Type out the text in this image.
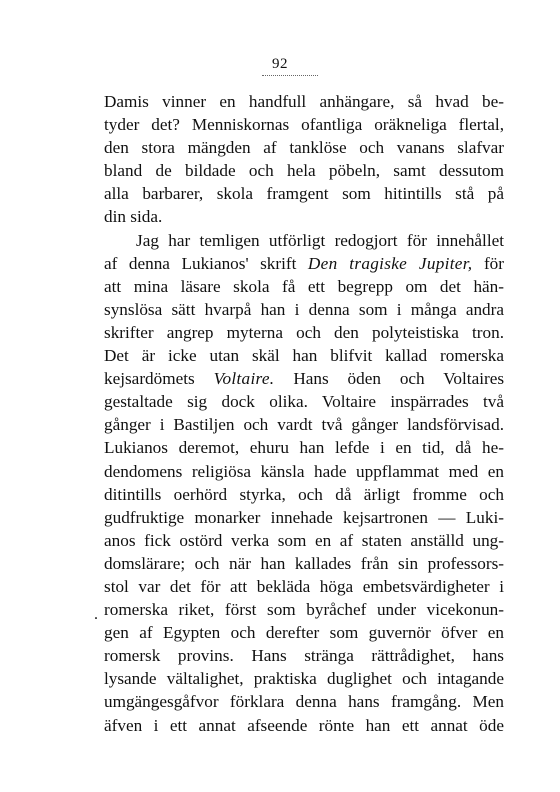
92
.
Damis vinner en handfull anhängare, så hvad be-
tyder det? Menniskornas ofantliga oräkneliga flertal,
den stora mängden af tanklöse och vanans slafvar
bland de bildade och hela pöbeln, samt dessutom
alla barbarer, skola framgent som hitintills stå på
din sida.
Jag har temligen utförligt redogjort för innehållet
af denna Lukianos' skrift Den tragiske Jupiter, för
att mina läsare skola få ett begrepp om det hän-
synslösa sätt hvarpå han i denna som i många andra
skrifter angrep myterna och den polyteistiska tron.
Det är icke utan skäl han blifvit kallad romerska
kejsardömets Voltaire. Hans öden och Voltaires
gestaltade sig dock olika. Voltaire inspärrades två
gånger i Bastiljen och vardt två gånger landsförvisad.
Lukianos deremot, ehuru han lefde i en tid, då he-
dendomens religiösa känsla hade uppflammat med en
ditintills oerhörd styrka, och då ärligt fromme och
gudfruktige monarker innehade kejsartronen — Luki-
anos fick ostörd verka som en af staten anställd ung-
domslärare; och när han kallades från sin professors-
stol var det för att bekläda höga embetsvärdigheter i
romerska riket, först som byråchef under vicekonun-
gen af Egypten och derefter som guvernör öfver en
romersk provins. Hans stränga rättrådighet, hans
lysande vältalighet, praktiska duglighet och intagande
umgängesgåfvor förklara denna hans framgång. Men
äfven i ett annat afseende rönte han ett annat öde
